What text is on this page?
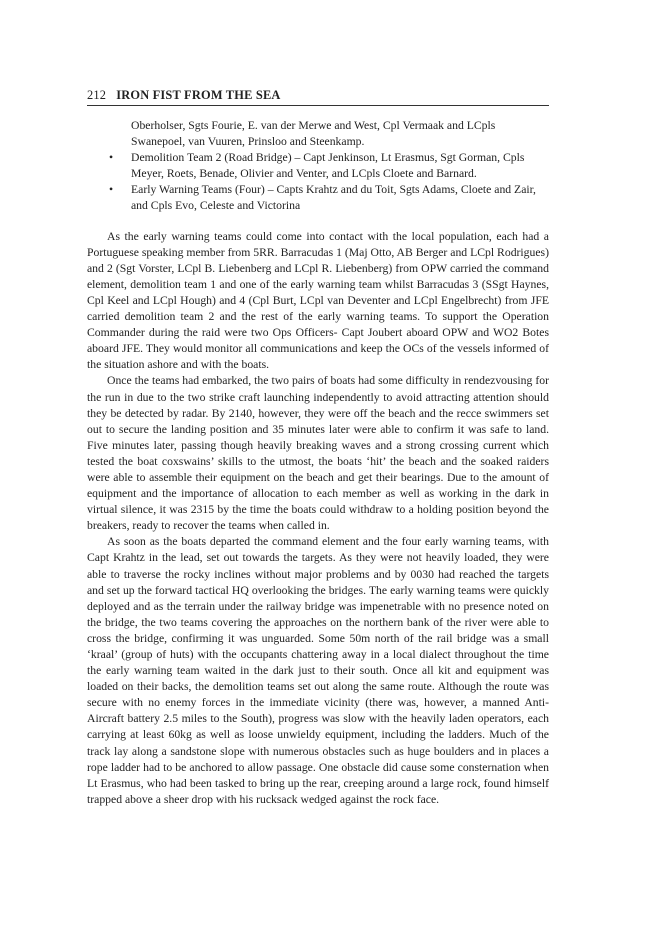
212 IRON FIST FROM THE SEA
Oberholser, Sgts Fourie, E. van der Merwe and West, Cpl Vermaak and LCpls Swanepoel, van Vuuren, Prinsloo and Steenkamp.
• Demolition Team 2 (Road Bridge) – Capt Jenkinson, Lt Erasmus, Sgt Gorman, Cpls Meyer, Roets, Benade, Olivier and Venter, and LCpls Cloete and Barnard.
• Early Warning Teams (Four) – Capts Krahtz and du Toit, Sgts Adams, Cloete and Zair, and Cpls Evo, Celeste and Victorina

As the early warning teams could come into contact with the local population, each had a Portuguese speaking member from 5RR. Barracudas 1 (Maj Otto, AB Berger and LCpl Rodrigues) and 2 (Sgt Vorster, LCpl B. Liebenberg and LCpl R. Liebenberg) from OPW carried the command element, demolition team 1 and one of the early warning team whilst Barracudas 3 (SSgt Haynes, Cpl Keel and LCpl Hough) and 4 (Cpl Burt, LCpl van Deventer and LCpl Engelbrecht) from JFE carried demolition team 2 and the rest of the early warning teams. To support the Operation Commander during the raid were two Ops Officers- Capt Joubert aboard OPW and WO2 Botes aboard JFE. They would monitor all communications and keep the OCs of the vessels informed of the situation ashore and with the boats.

Once the teams had embarked, the two pairs of boats had some difficulty in rendezvousing for the run in due to the two strike craft launching independently to avoid attracting attention should they be detected by radar. By 2140, however, they were off the beach and the recce swimmers set out to secure the landing position and 35 minutes later were able to confirm it was safe to land. Five minutes later, passing though heavily breaking waves and a strong crossing current which tested the boat coxswains’ skills to the utmost, the boats ‘hit’ the beach and the soaked raiders were able to assemble their equipment on the beach and get their bearings. Due to the amount of equipment and the importance of allocation to each member as well as working in the dark in virtual silence, it was 2315 by the time the boats could withdraw to a holding position beyond the breakers, ready to recover the teams when called in.

As soon as the boats departed the command element and the four early warning teams, with Capt Krahtz in the lead, set out towards the targets. As they were not heavily loaded, they were able to traverse the rocky inclines without major problems and by 0030 had reached the targets and set up the forward tactical HQ overlooking the bridges. The early warning teams were quickly deployed and as the terrain under the railway bridge was impenetrable with no presence noted on the bridge, the two teams covering the approaches on the northern bank of the river were able to cross the bridge, confirming it was unguarded. Some 50m north of the rail bridge was a small ‘kraal’ (group of huts) with the occupants chattering away in a local dialect throughout the time the early warning team waited in the dark just to their south. Once all kit and equipment was loaded on their backs, the demolition teams set out along the same route. Although the route was secure with no enemy forces in the immediate vicinity (there was, however, a manned Anti-Aircraft battery 2.5 miles to the South), progress was slow with the heavily laden operators, each carrying at least 60kg as well as loose unwieldy equipment, including the ladders. Much of the track lay along a sandstone slope with numerous obstacles such as huge boulders and in places a rope ladder had to be anchored to allow passage. One obstacle did cause some consternation when Lt Erasmus, who had been tasked to bring up the rear, creeping around a large rock, found himself trapped above a sheer drop with his rucksack wedged against the rock face.
